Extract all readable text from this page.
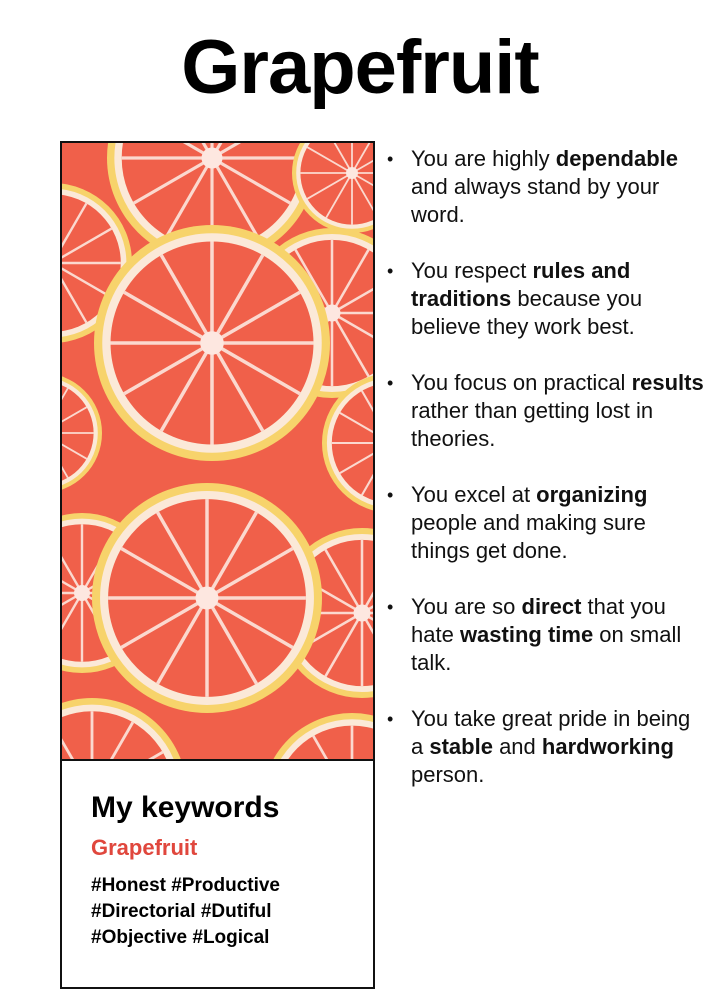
Grapefruit
My keywords
Grapefruit
#Honest #Productive
#Directorial #Dutiful
#Objective #Logical
• You are highly dependable and always stand by your word.
• You respect rules and traditions because you believe they work best.
• You focus on practical results rather than getting lost in theories.
• You excel at organizing people and making sure things get done.
• You are so direct that you hate wasting time on small talk.
• You take great pride in being a stable and hardworking person.
